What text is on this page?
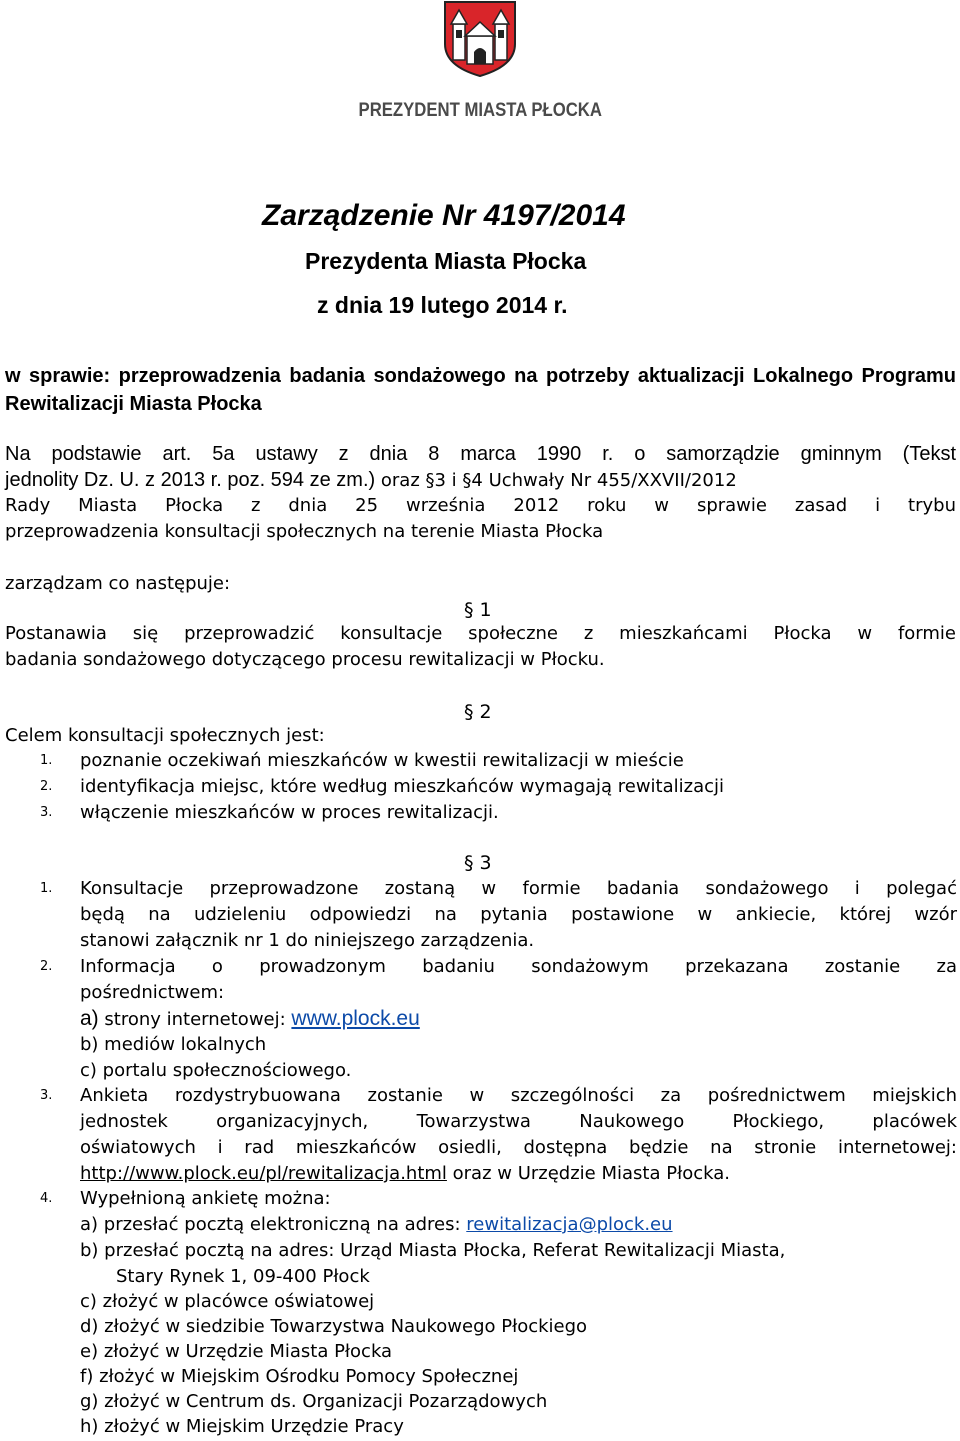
PREZYDENT MIASTA PŁOCKA
Zarządzenie Nr 4197/2014
Prezydenta Miasta Płocka
z dnia 19 lutego 2014 r.
w sprawie: przeprowadzenia badania sondażowego na potrzeby aktualizacji Lokalnego Programu Rewitalizacji Miasta Płocka
Na podstawie art. 5a ustawy z dnia 8 marca 1990 r. o samorządzie gminnym (Tekst
jednolity Dz. U. z 2013 r. poz. 594 ze zm.) oraz §3 i §4 Uchwały Nr 455/XXVII/2012
Rady Miasta Płocka z dnia 25 września 2012 roku w sprawie zasad i trybu
przeprowadzenia konsultacji społecznych na terenie Miasta Płocka
zarządzam co następuje:
§ 1
Postanawia się przeprowadzić konsultacje społeczne z mieszkańcami Płocka w formie
badania sondażowego dotyczącego procesu rewitalizacji w Płocku.
§ 2
Celem konsultacji społecznych jest:
1. poznanie oczekiwań mieszkańców w kwestii rewitalizacji w mieście
2. identyfikacja miejsc, które według mieszkańców wymagają rewitalizacji
3. włączenie mieszkańców w proces rewitalizacji.
§ 3
1. Konsultacje przeprowadzone zostaną w formie badania sondażowego i polegać
będą na udzieleniu odpowiedzi na pytania postawione w ankiecie, której wzór
stanowi załącznik nr 1 do niniejszego zarządzenia.
2. Informacja o prowadzonym badaniu sondażowym przekazana zostanie za
pośrednictwem:
a) strony internetowej: www.plock.eu
b) mediów lokalnych
c) portalu społecznościowego.
3. Ankieta rozdystrybuowana zostanie w szczególności za pośrednictwem miejskich
jednostek organizacyjnych, Towarzystwa Naukowego Płockiego, placówek
oświatowych i rad mieszkańców osiedli, dostępna będzie na stronie internetowej:
http://www.plock.eu/pl/rewitalizacja.html oraz w Urzędzie Miasta Płocka.
4. Wypełnioną ankietę można:
a) przesłać pocztą elektroniczną na adres: rewitalizacja@plock.eu
b) przesłać pocztą na adres: Urząd Miasta Płocka, Referat Rewitalizacji Miasta,
Stary Rynek 1, 09-400 Płock
c) złożyć w placówce oświatowej
d) złożyć w siedzibie Towarzystwa Naukowego Płockiego
e) złożyć w Urzędzie Miasta Płocka
f) złożyć w Miejskim Ośrodku Pomocy Społecznej
g) złożyć w Centrum ds. Organizacji Pozarządowych
h) złożyć w Miejskim Urzędzie Pracy
